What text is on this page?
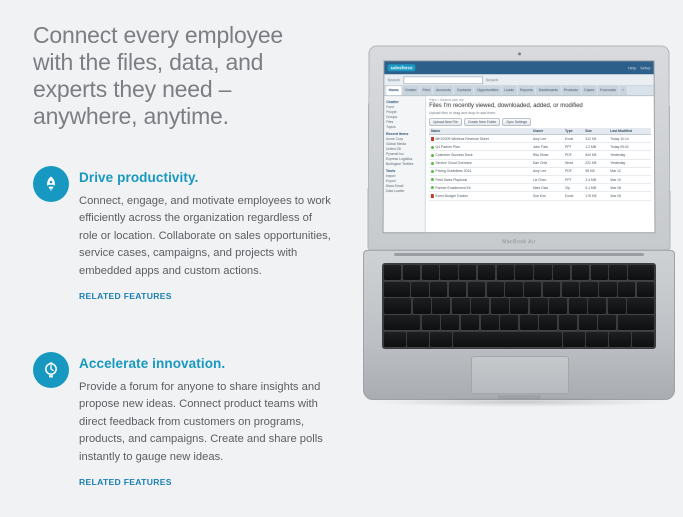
Connect every employee
with the files, data, and
experts they need –
anywhere, anytime.
Drive productivity.

Connect, engage, and motivate employees to work efficiently across the organization regardless of role or location. Collaborate on sales opportunities, service cases, campaigns, and projects with embedded apps and custom actions.

RELATED FEATURES
Accelerate innovation.

Provide a forum for anyone to share insights and propose new ideas. Connect product teams with direct feedback from customers on programs, products, and campaigns. Create and share polls instantly to gauge new ideas.

RELATED FEATURES
salesforce	Help Setup
Search	Search
Home	Chatter	Files	Accounts	Contacts	Opportunities	Leads	Reports	Dashboards	Products	Cases	Forecasts	+
Chatter
Feed
People
Groups
Files
Topics
Recent Items
Acme Corp
Global Media
United Oil
Pyramid Inc
Express Logistics
Burlington Textiles
Tools
Import
Export
Mass Email
Data Loader
Files > Shared with me
Files I'm recently viewed, downloaded, added, or modified
Upload files or drag and drop to add them.
Upload New File	Create New Folder	Sync Settings
Name	Owner	Type	Size	Last Modified
MKS2009 Wireless Revenue Sheet	Amy Lee	Excel	312 KB	Today 10:14
Q4 Partner Plan	John Park	PPT	1.2 MB	Today 09:02
Customer Success Deck	Rita Shaw	PDF	844 KB	Yesterday
Service Cloud Overview	Dan Ortiz	Word	221 KB	Yesterday
Pricing Guidelines 2014	Amy Lee	PDF	98 KB	Mar 12
Field Sales Playbook	Liz Chen	PPT	3.4 MB	Mar 10
Partner Enablement Kit	Mark Diaz	Zip	6.1 MB	Mar 08
Event Budget Tracker	Sue Kim	Excel	176 KB	Mar 05
MacBook Air
